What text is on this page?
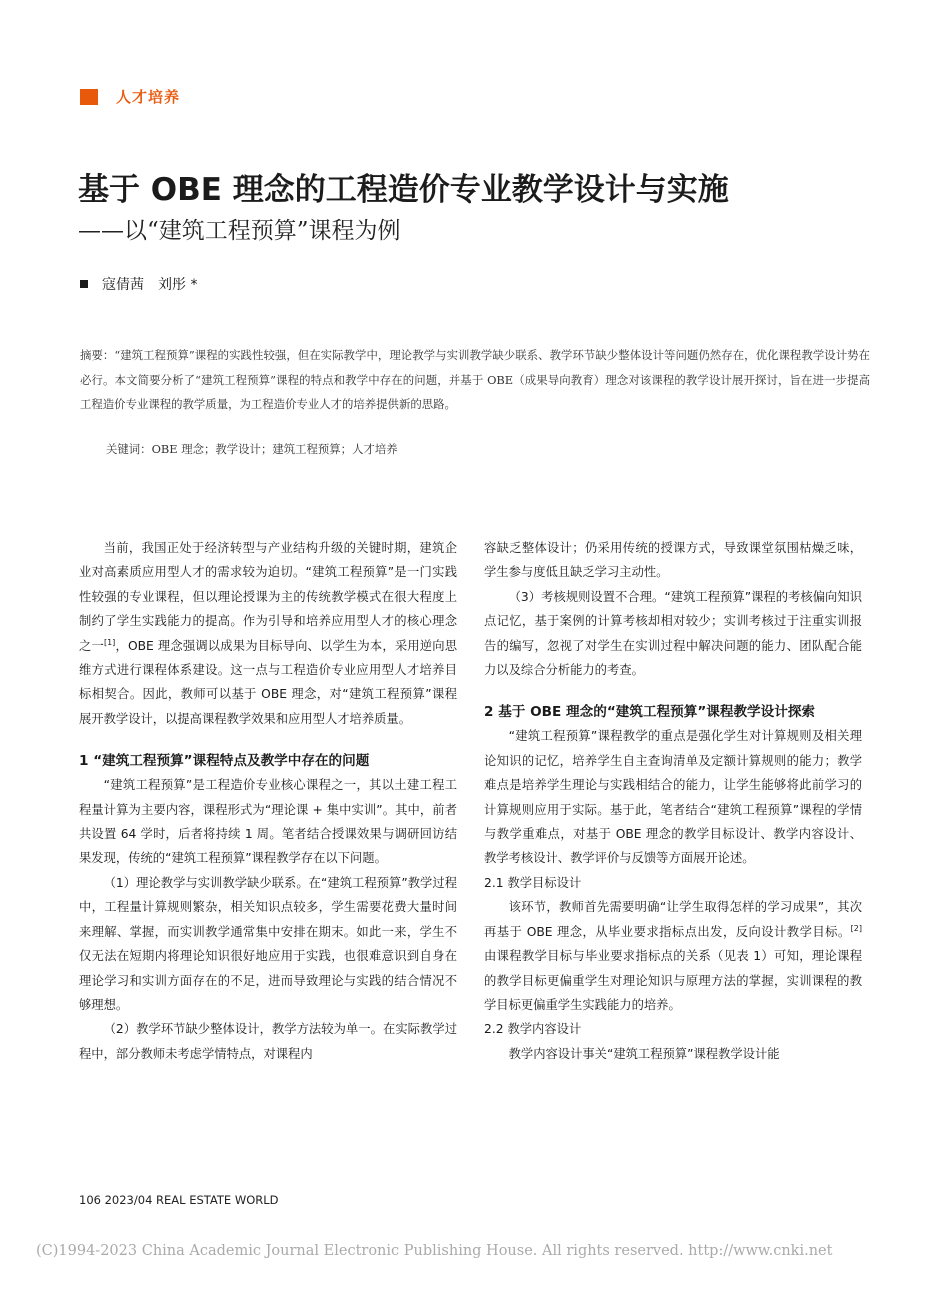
人才培养
基于 OBE 理念的工程造价专业教学设计与实施
——以“建筑工程预算”课程为例
寇倩茜　刘彤 *
摘要：“建筑工程预算”课程的实践性较强，但在实际教学中，理论教学与实训教学缺少联系、教学环节缺少整体设计等问题仍然存在，优化课程教学设计势在必行。本文简要分析了“建筑工程预算”课程的特点和教学中存在的问题，并基于 OBE（成果导向教育）理念对该课程的教学设计展开探讨，旨在进一步提高工程造价专业课程的教学质量，为工程造价专业人才的培养提供新的思路。
关键词：OBE 理念；教学设计；建筑工程预算；人才培养

当前，我国正处于经济转型与产业结构升级的关键时期，建筑企业对高素质应用型人才的需求较为迫切。“建筑工程预算”是一门实践性较强的专业课程，但以理论授课为主的传统教学模式在很大程度上制约了学生实践能力的提高。作为引导和培养应用型人才的核心理念之一[1]，OBE 理念强调以成果为目标导向、以学生为本，采用逆向思维方式进行课程体系建设。这一点与工程造价专业应用型人才培养目标相契合。因此，教师可以基于 OBE 理念，对“建筑工程预算”课程展开教学设计，以提高课程教学效果和应用型人才培养质量。

1 “建筑工程预算”课程特点及教学中存在的问题

“建筑工程预算”是工程造价专业核心课程之一，其以土建工程工程量计算为主要内容，课程形式为“理论课 + 集中实训”。其中，前者共设置 64 学时，后者将持续 1 周。笔者结合授课效果与调研回访结果发现，传统的“建筑工程预算”课程教学存在以下问题。

（1）理论教学与实训教学缺少联系。在“建筑工程预算”教学过程中，工程量计算规则繁杂，相关知识点较多，学生需要花费大量时间来理解、掌握，而实训教学通常集中安排在期末。如此一来，学生不仅无法在短期内将理论知识很好地应用于实践，也很难意识到自身在理论学习和实训方面存在的不足，进而导致理论与实践的结合情况不够理想。

（2）教学环节缺少整体设计，教学方法较为单一。在实际教学过程中，部分教师未考虑学情特点，对课程内

容缺乏整体设计；仍采用传统的授课方式，导致课堂氛围枯燥乏味，学生参与度低且缺乏学习主动性。

（3）考核规则设置不合理。“建筑工程预算”课程的考核偏向知识点记忆，基于案例的计算考核却相对较少；实训考核过于注重实训报告的编写，忽视了对学生在实训过程中解决问题的能力、团队配合能力以及综合分析能力的考查。

2 基于 OBE 理念的“建筑工程预算”课程教学设计探索

“建筑工程预算”课程教学的重点是强化学生对计算规则及相关理论知识的记忆，培养学生自主查询清单及定额计算规则的能力；教学难点是培养学生理论与实践相结合的能力，让学生能够将此前学习的计算规则应用于实际。基于此，笔者结合“建筑工程预算”课程的学情与教学重难点，对基于 OBE 理念的教学目标设计、教学内容设计、教学考核设计、教学评价与反馈等方面展开论述。

2.1 教学目标设计

该环节，教师首先需要明确“让学生取得怎样的学习成果”，其次再基于 OBE 理念，从毕业要求指标点出发，反向设计教学目标。[2] 由课程教学目标与毕业要求指标点的关系（见表 1）可知，理论课程的教学目标更偏重学生对理论知识与原理方法的掌握，实训课程的教学目标更偏重学生实践能力的培养。

2.2 教学内容设计

教学内容设计事关“建筑工程预算”课程教学设计能

106 2023/04 REAL ESTATE WORLD
(C)1994-2023 China Academic Journal Electronic Publishing House. All rights reserved. http://www.cnki.net
